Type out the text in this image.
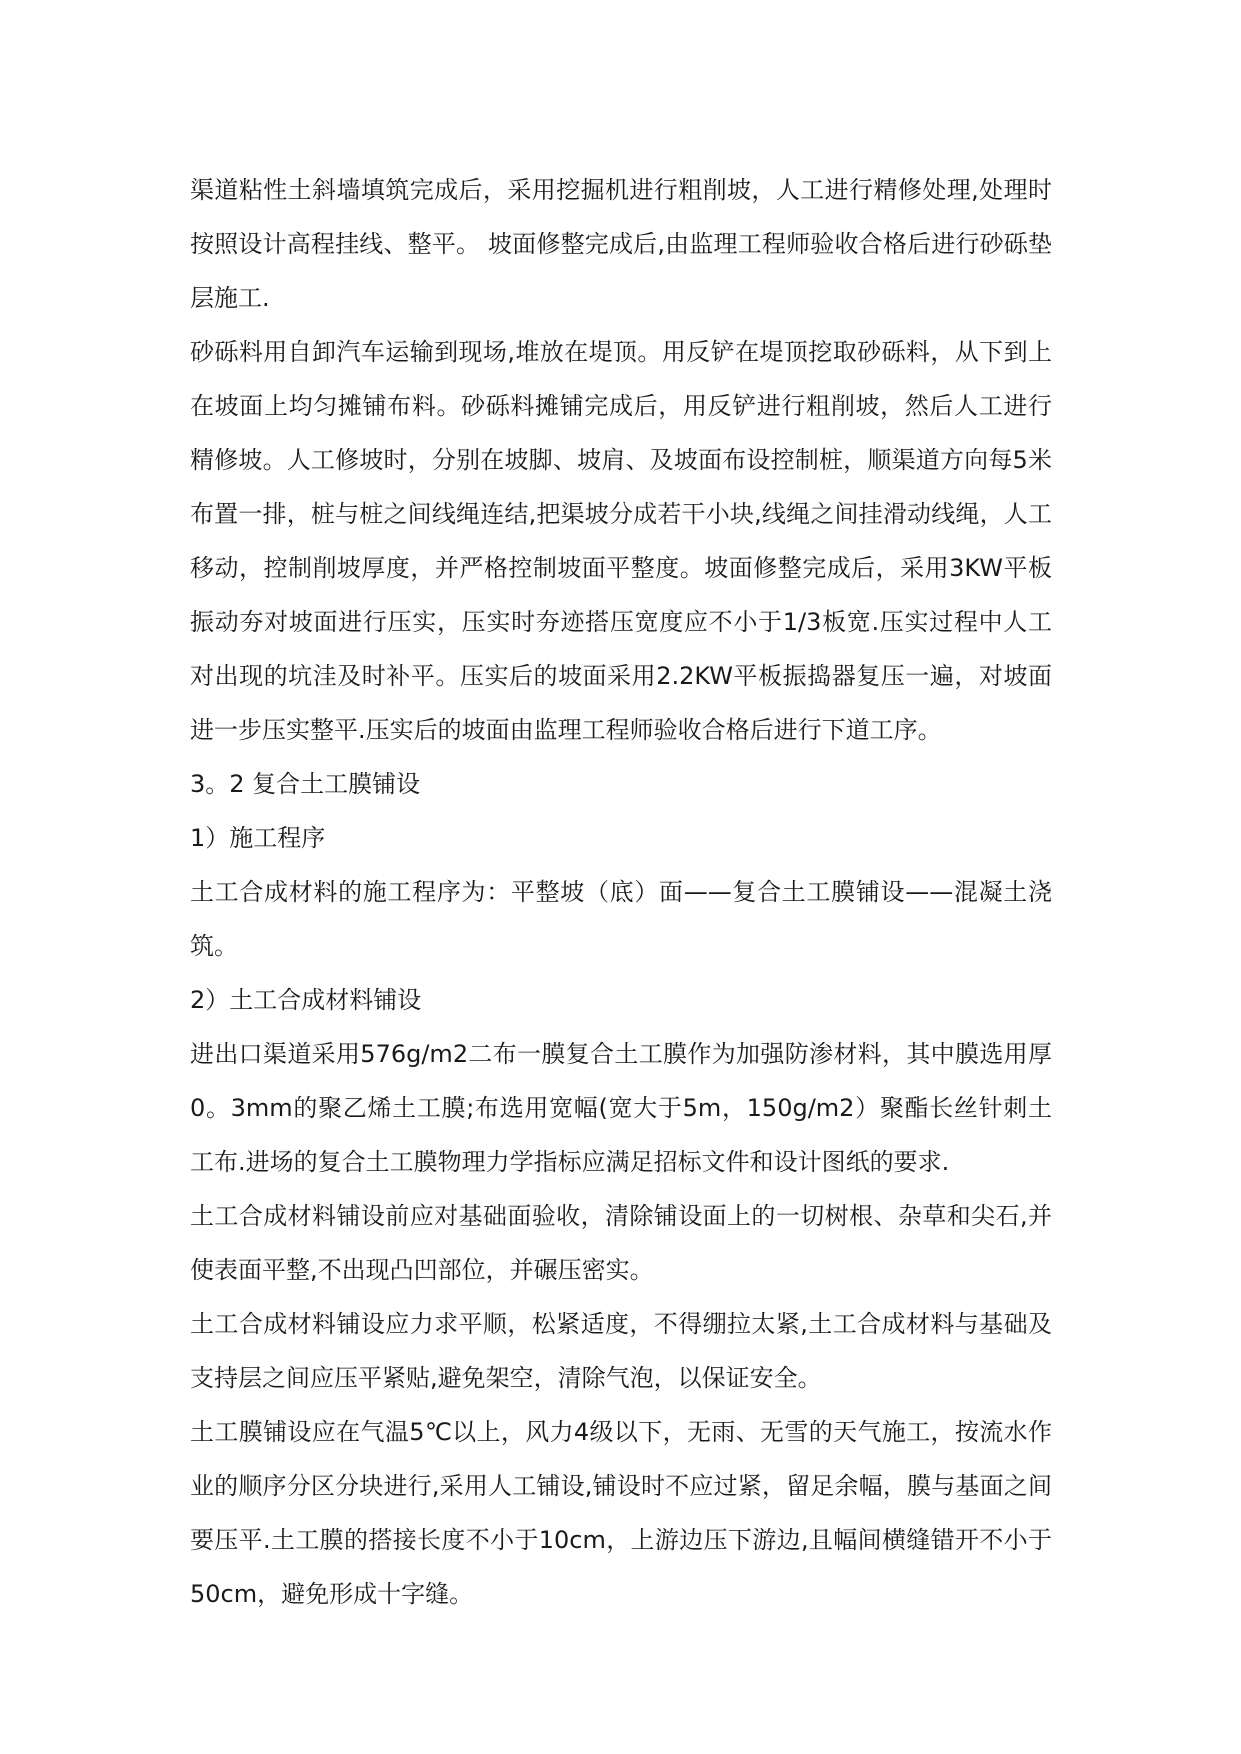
渠道粘性土斜墙填筑完成后，采用挖掘机进行粗削坡，人工进行精修处理,处理时按照设计高程挂线、整平。 坡面修整完成后,由监理工程师验收合格后进行砂砾垫层施工.

砂砾料用自卸汽车运输到现场,堆放在堤顶。用反铲在堤顶挖取砂砾料，从下到上在坡面上均匀摊铺布料。砂砾料摊铺完成后，用反铲进行粗削坡，然后人工进行精修坡。人工修坡时，分别在坡脚、坡肩、及坡面布设控制桩，顺渠道方向每5米布置一排，桩与桩之间线绳连结,把渠坡分成若干小块,线绳之间挂滑动线绳，人工移动，控制削坡厚度，并严格控制坡面平整度。坡面修整完成后，采用3KW平板振动夯对坡面进行压实，压实时夯迹搭压宽度应不小于1/3板宽.压实过程中人工对出现的坑洼及时补平。压实后的坡面采用2.2KW平板振捣器复压一遍，对坡面进一步压实整平.压实后的坡面由监理工程师验收合格后进行下道工序。

3。2 复合土工膜铺设

1）施工程序

土工合成材料的施工程序为：平整坡（底）面——复合土工膜铺设——混凝土浇筑。

2）土工合成材料铺设

进出口渠道采用576g/m2二布一膜复合土工膜作为加强防渗材料，其中膜选用厚0。3mm的聚乙烯土工膜;布选用宽幅(宽大于5m，150g/m2）聚酯长丝针刺土工布.进场的复合土工膜物理力学指标应满足招标文件和设计图纸的要求.

土工合成材料铺设前应对基础面验收，清除铺设面上的一切树根、杂草和尖石,并使表面平整,不出现凸凹部位，并碾压密实。

土工合成材料铺设应力求平顺，松紧适度，不得绷拉太紧,土工合成材料与基础及支持层之间应压平紧贴,避免架空，清除气泡，以保证安全。

土工膜铺设应在气温5℃以上，风力4级以下，无雨、无雪的天气施工，按流水作业的顺序分区分块进行,采用人工铺设,铺设时不应过紧，留足余幅，膜与基面之间要压平.土工膜的搭接长度不小于10cm，上游边压下游边,且幅间横缝错开不小于50cm，避免形成十字缝。
